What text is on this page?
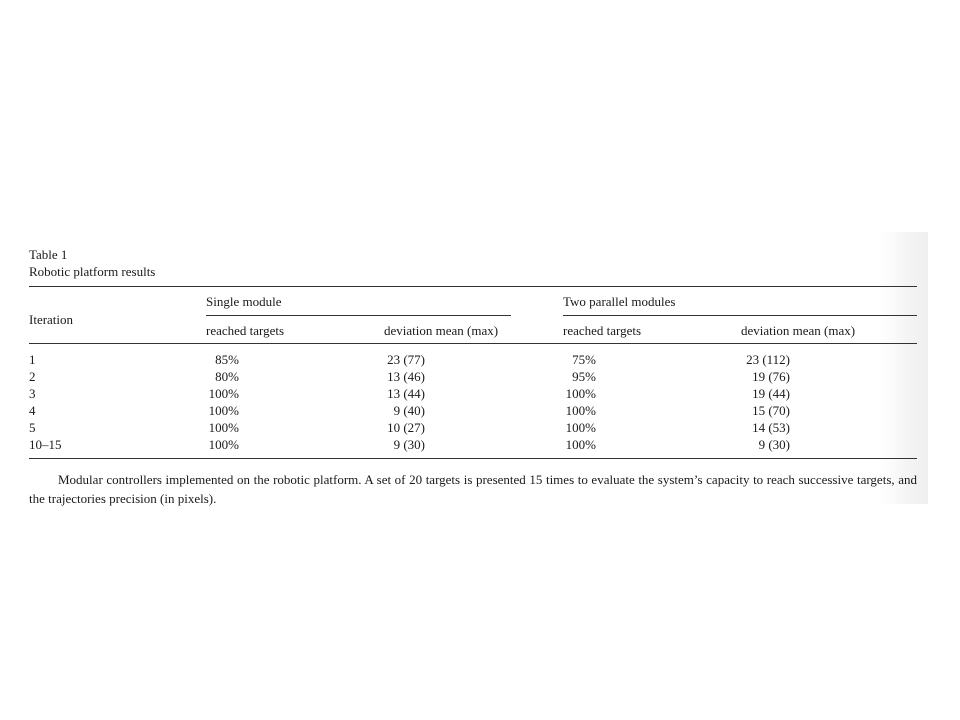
Table 1

Robotic platform results

Iteration
Single module	Two parallel modules
reached targets	deviation mean (max)	reached targets	deviation mean (max)
1	85%	23 (77)	75%	23 (112)
2	80%	13 (46)	95%	19 (76)
3	100%	13 (44)	100%	19 (44)
4	100%	9 (40)	100%	15 (70)
5	100%	10 (27)	100%	14 (53)
10–15	100%	9 (30)	100%	9 (30)

Modular controllers implemented on the robotic platform. A set of 20 targets is presented 15 times to evaluate the system’s capacity to reach successive targets, and the trajectories precision (in pixels).
